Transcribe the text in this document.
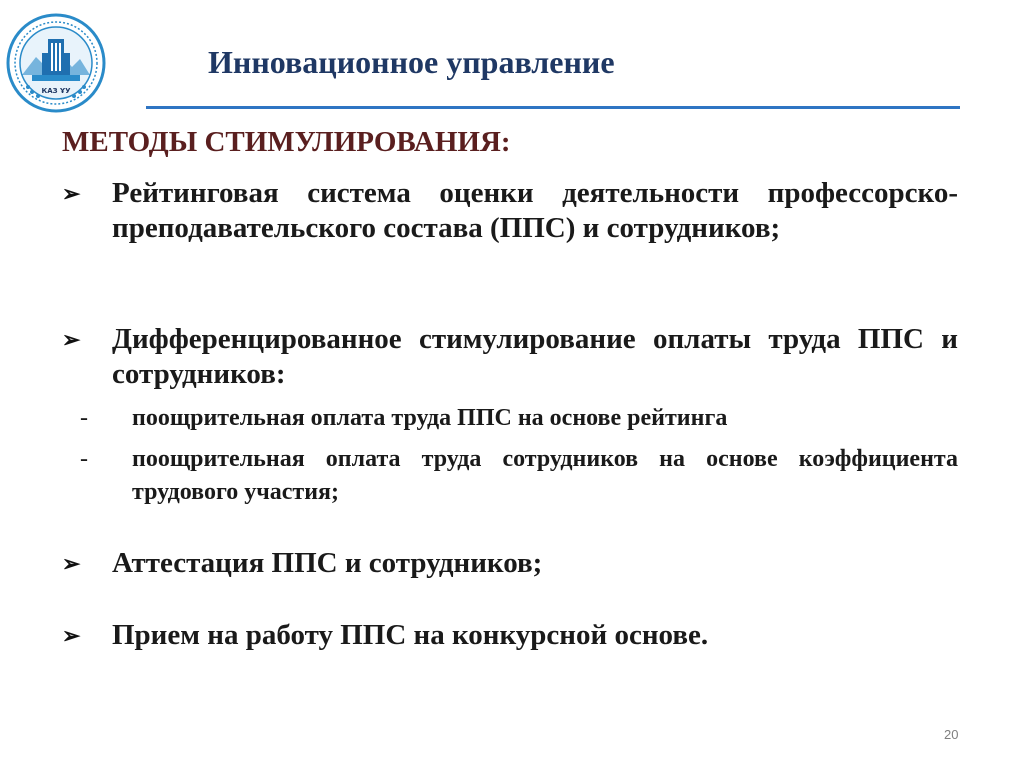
КАЗ ҰУ
Инновационное управление
МЕТОДЫ СТИМУЛИРОВАНИЯ:
➢ Рейтинговая система оценки деятельности профессорско-преподавательского состава (ППС) и сотрудников;
➢ Дифференцированное стимулирование оплаты труда ППС и сотрудников:
- поощрительная оплата труда ППС на основе рейтинга
- поощрительная оплата труда сотрудников на основе коэффициента трудового участия;
➢ Аттестация ППС и сотрудников;
➢ Прием на работу ППС на конкурсной основе.
20
